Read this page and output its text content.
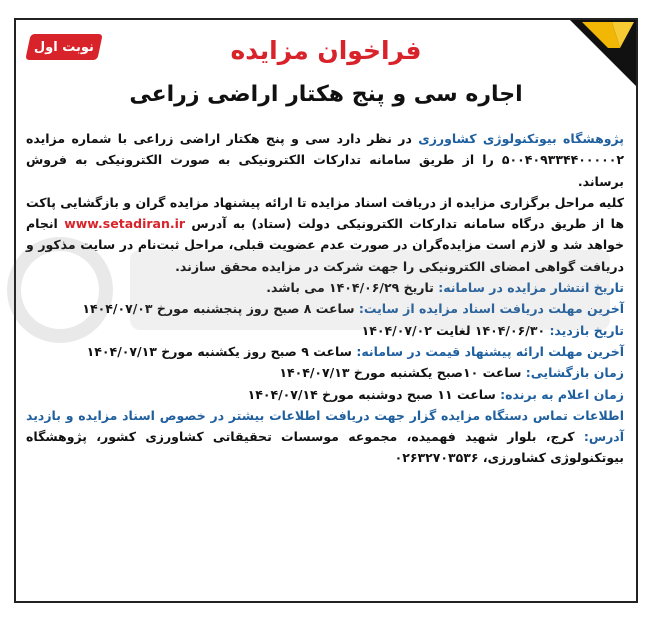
نوبت اول	فراخوان مزایده
اجاره سی و پنج هکتار اراضی زراعی

پژوهشگاه بیوتکنولوژی کشاورزی در نظر دارد سی و پنج هکتار اراضی زراعی با شماره مزایده ۵۰۰۴۰۹۳۳۴۴۰۰۰۰۰۲ را از طریق سامانه تدارکات الکترونیکی به صورت الکترونیکی به فروش برساند.

کلیه مراحل برگزاری مزایده از دریافت اسناد مزایده تا ارائه پیشنهاد مزایده گران و بازگشایی پاکت ها از طریق درگاه سامانه تدارکات الکترونیکی دولت (ستاد) به آدرس www.setadiran.ir انجام خواهد شد و لازم است مزایده‌گران در صورت عدم عضویت قبلی، مراحل ثبت‌نام در سایت مذکور و دریافت گواهی امضای الکترونیکی را جهت شرکت در مزایده محقق سازند.

تاریخ انتشار مزایده در سامانه: تاریخ ۱۴۰۴/۰۶/۲۹ می باشد.

آخرین مهلت دریافت اسناد مزایده از سایت: ساعت ۸ صبح روز پنجشنبه مورخ ۱۴۰۴/۰۷/۰۳

تاریخ بازدید: ۱۴۰۴/۰۶/۳۰ لغایت ۱۴۰۴/۰۷/۰۲

آخرین مهلت ارائه پیشنهاد قیمت در سامانه: ساعت ۹ صبح روز یکشنبه مورخ ۱۴۰۴/۰۷/۱۳

زمان بازگشایی: ساعت ۱۰صبح یکشنبه مورخ ۱۴۰۴/۰۷/۱۳

زمان اعلام به برنده: ساعت ۱۱ صبح دوشنبه مورخ ۱۴۰۴/۰۷/۱۴

اطلاعات تماس دستگاه مزایده گزار جهت دریافت اطلاعات بیشتر در خصوص اسناد مزایده و بازدید آدرس: کرج، بلوار شهید فهمیده، مجموعه موسسات تحقیقاتی کشاورزی کشور، پژوهشگاه بیوتکنولوژی کشاورزی، ۰۲۶۳۲۷۰۳۵۳۶
